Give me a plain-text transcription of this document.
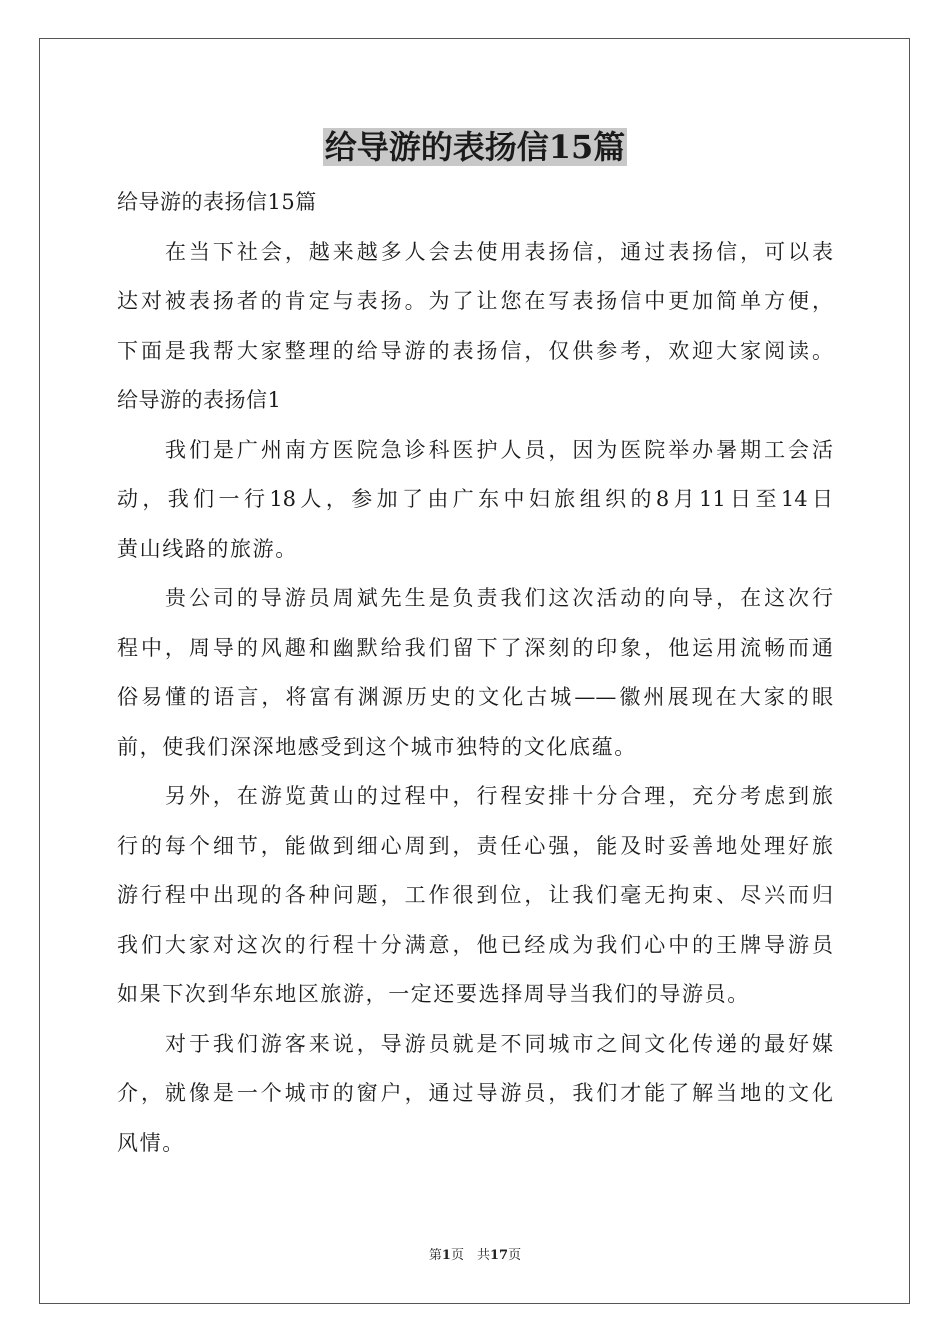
给导游的表扬信15篇

给导游的表扬信15篇

在当下社会，越来越多人会去使用表扬信，通过表扬信，可以表

达对被表扬者的肯定与表扬。为了让您在写表扬信中更加简单方便，

下面是我帮大家整理的给导游的表扬信，仅供参考，欢迎大家阅读。

给导游的表扬信1

我们是广州南方医院急诊科医护人员，因为医院举办暑期工会活

动，我们一行18人，参加了由广东中妇旅组织的8月11日至14日

黄山线路的旅游。

贵公司的导游员周斌先生是负责我们这次活动的向导，在这次行

程中，周导的风趣和幽默给我们留下了深刻的印象，他运用流畅而通

俗易懂的语言，将富有渊源历史的文化古城——徽州展现在大家的眼

前，使我们深深地感受到这个城市独特的文化底蕴。

另外，在游览黄山的过程中，行程安排十分合理，充分考虑到旅

行的每个细节，能做到细心周到，责任心强，能及时妥善地处理好旅

游行程中出现的各种问题，工作很到位，让我们毫无拘束、尽兴而归

我们大家对这次的行程十分满意，他已经成为我们心中的王牌导游员

如果下次到华东地区旅游，一定还要选择周导当我们的导游员。

对于我们游客来说，导游员就是不同城市之间文化传递的最好媒

介，就像是一个城市的窗户，通过导游员，我们才能了解当地的文化

风情。

第1页　共17页
